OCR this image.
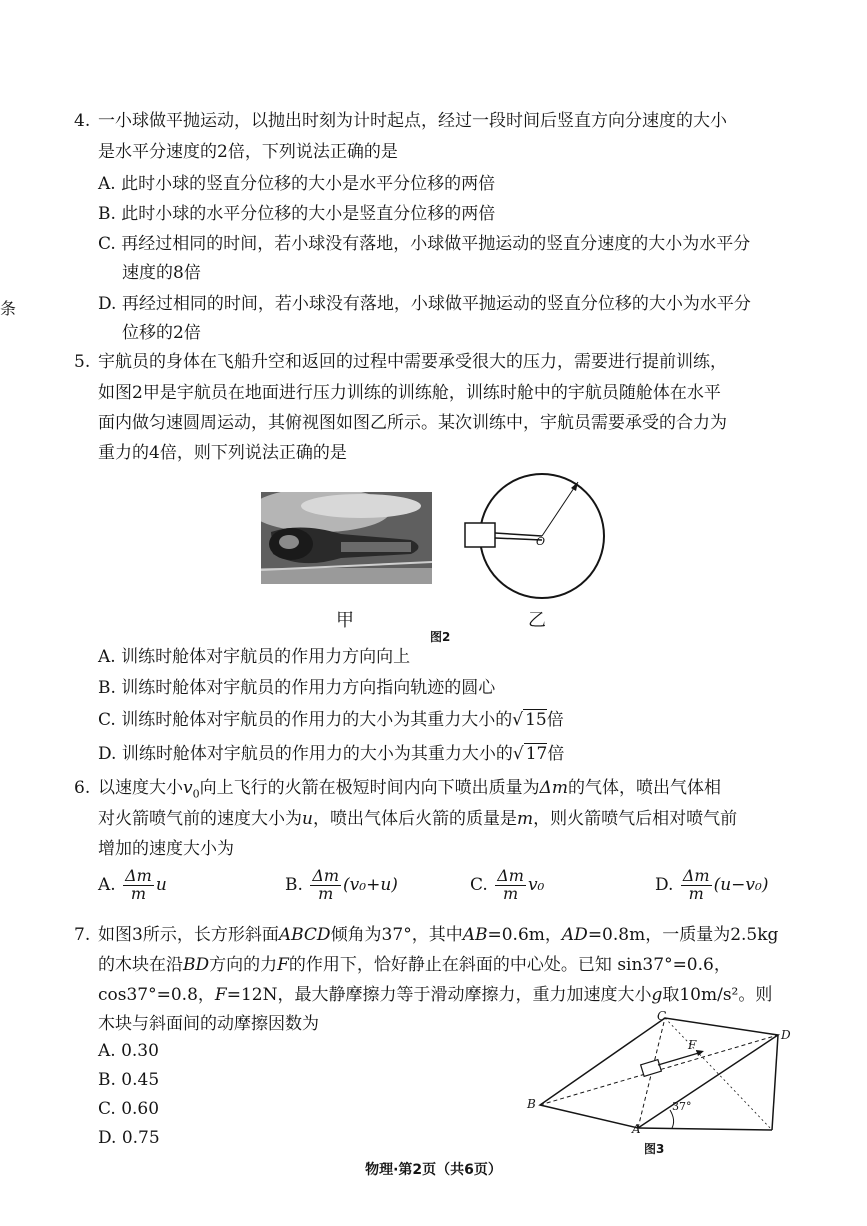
条
4. 一小球做平抛运动，以抛出时刻为计时起点，经过一段时间后竖直方向分速度的大小
是水平分速度的2倍，下列说法正确的是
A. 此时小球的竖直分位移的大小是水平分位移的两倍
B. 此时小球的水平分位移的大小是竖直分位移的两倍
C. 再经过相同的时间，若小球没有落地，小球做平抛运动的竖直分速度的大小为水平分
速度的8倍
D. 再经过相同的时间，若小球没有落地，小球做平抛运动的竖直分位移的大小为水平分
位移的2倍
5. 宇航员的身体在飞船升空和返回的过程中需要承受很大的压力，需要进行提前训练，
如图2甲是宇航员在地面进行压力训练的训练舱，训练时舱中的宇航员随舱体在水平
面内做匀速圆周运动，其俯视图如图乙所示。某次训练中，宇航员需要承受的合力为
重力的4倍，则下列说法正确的是
O
甲	乙
图2
A. 训练时舱体对宇航员的作用力方向向上
B. 训练时舱体对宇航员的作用力方向指向轨迹的圆心
C. 训练时舱体对宇航员的作用力的大小为其重力大小的√ 15倍
D. 训练时舱体对宇航员的作用力的大小为其重力大小的√ 17倍
6. 以速度大小$v_0$向上飞行的火箭在极短时间内向下喷出质量为Δm的气体，喷出气体相
对火箭喷气前的速度大小为u，喷出气体后火箭的质量是m，则火箭喷气后相对喷气前
增加的速度大小为
A. $\frac{\Delta m}{m}$ u	B. $\frac{\Delta m}{m} (v_0+u)$	C. $\frac{\Delta m}{m} v_0$	D. $\frac{\Delta m}{m} (u-v_0)$
7. 如图3所示，长方形斜面ABCD倾角为37°，其中AB=0.6m，AD=0.8m，一质量为2.5kg
的木块在沿BD方向的力F的作用下，恰好静止在斜面的中心处。已知 sin37°=0.6，
cos37°=0.8，F=12N，最大静摩擦力等于滑动摩擦力，重力加速度大小g取10m/s²。则
木块与斜面间的动摩擦因数为
A. 0.30
B. 0.45
C. 0.60
D. 0.75
C
D
B
A
F
37°
图3
物理·第2页（共6页）
